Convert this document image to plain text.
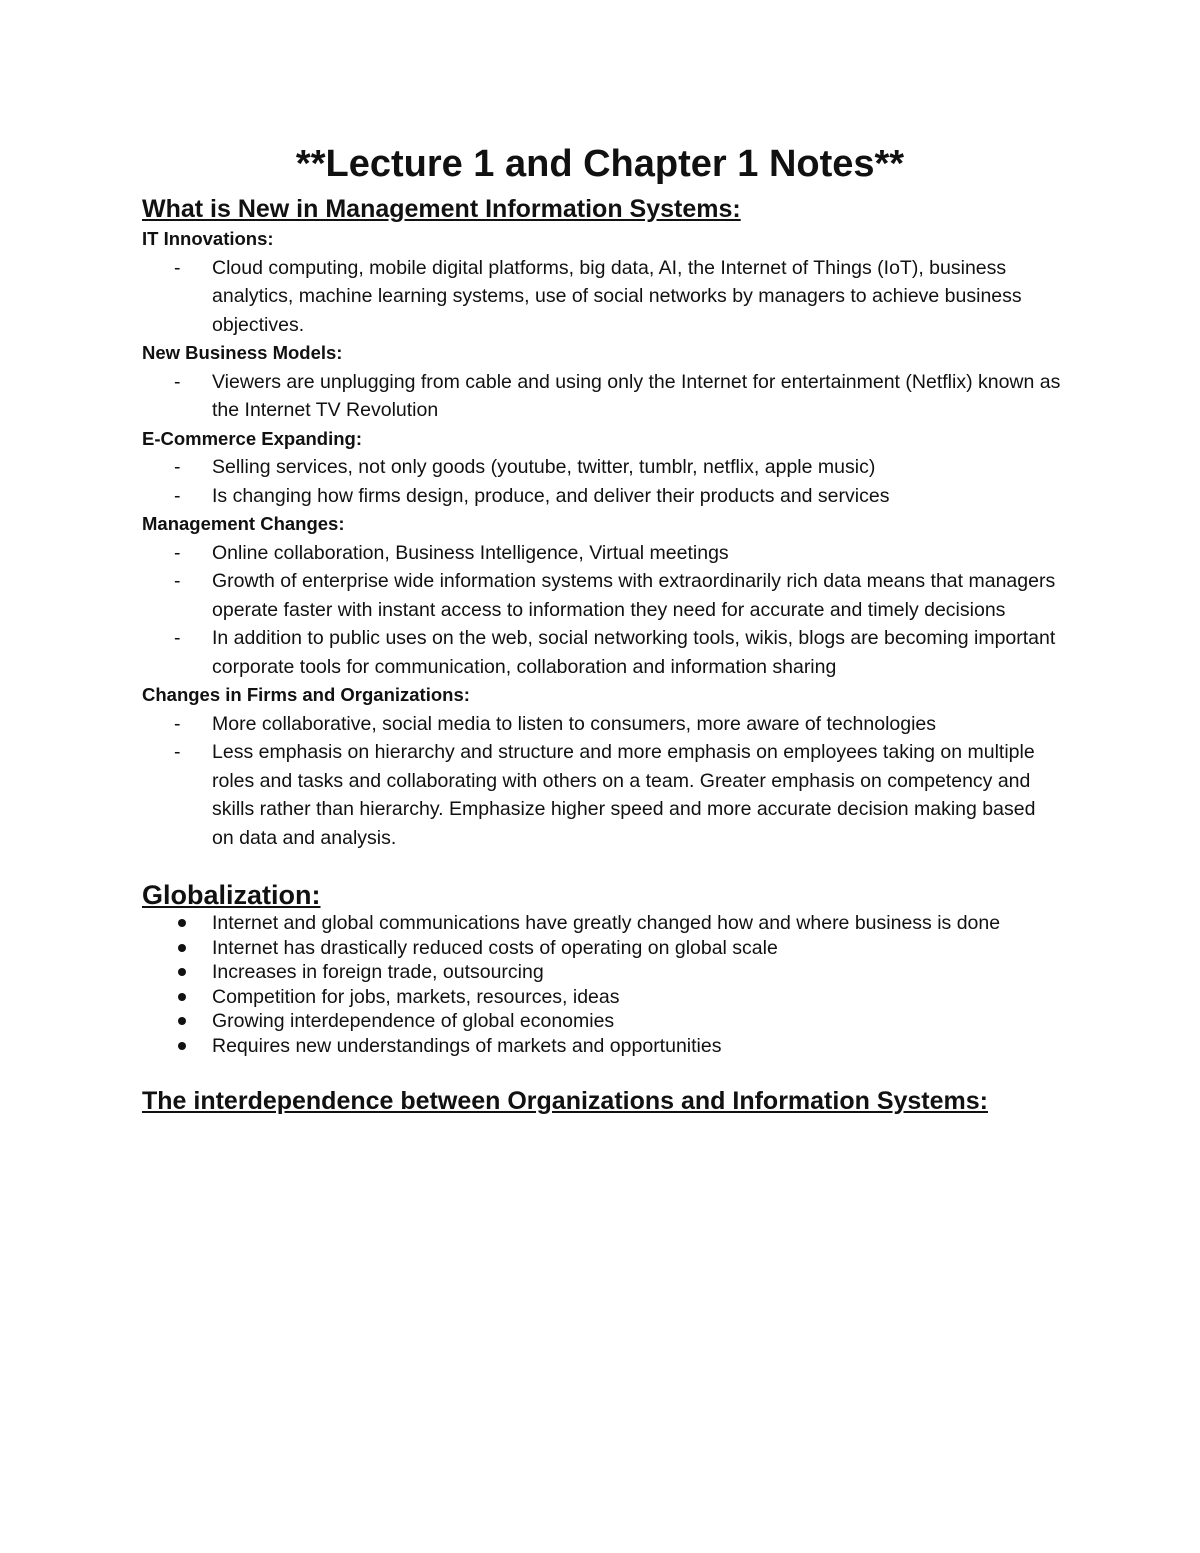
**Lecture 1 and Chapter 1 Notes**
What is New in Management Information Systems:
IT Innovations:
- Cloud computing, mobile digital platforms, big data, AI, the Internet of Things (IoT), business analytics, machine learning systems, use of social networks by managers to achieve business objectives.
New Business Models:
- Viewers are unplugging from cable and using only the Internet for entertainment (Netflix) known as the Internet TV Revolution
E-Commerce Expanding:
- Selling services, not only goods (youtube, twitter, tumblr, netflix, apple music)
- Is changing how firms design, produce, and deliver their products and services
Management Changes:
- Online collaboration, Business Intelligence, Virtual meetings
- Growth of enterprise wide information systems with extraordinarily rich data means that managers operate faster with instant access to information they need for accurate and timely decisions
- In addition to public uses on the web, social networking tools, wikis, blogs are becoming important corporate tools for communication, collaboration and information sharing
Changes in Firms and Organizations:
- More collaborative, social media to listen to consumers, more aware of technologies
- Less emphasis on hierarchy and structure and more emphasis on employees taking on multiple roles and tasks and collaborating with others on a team. Greater emphasis on competency and skills rather than hierarchy. Emphasize higher speed and more accurate decision making based on data and analysis.
Globalization:
Internet and global communications have greatly changed how and where business is done
Internet has drastically reduced costs of operating on global scale
Increases in foreign trade, outsourcing
Competition for jobs, markets, resources, ideas
Growing interdependence of global economies
Requires new understandings of markets and opportunities
The interdependence between Organizations and Information Systems:
